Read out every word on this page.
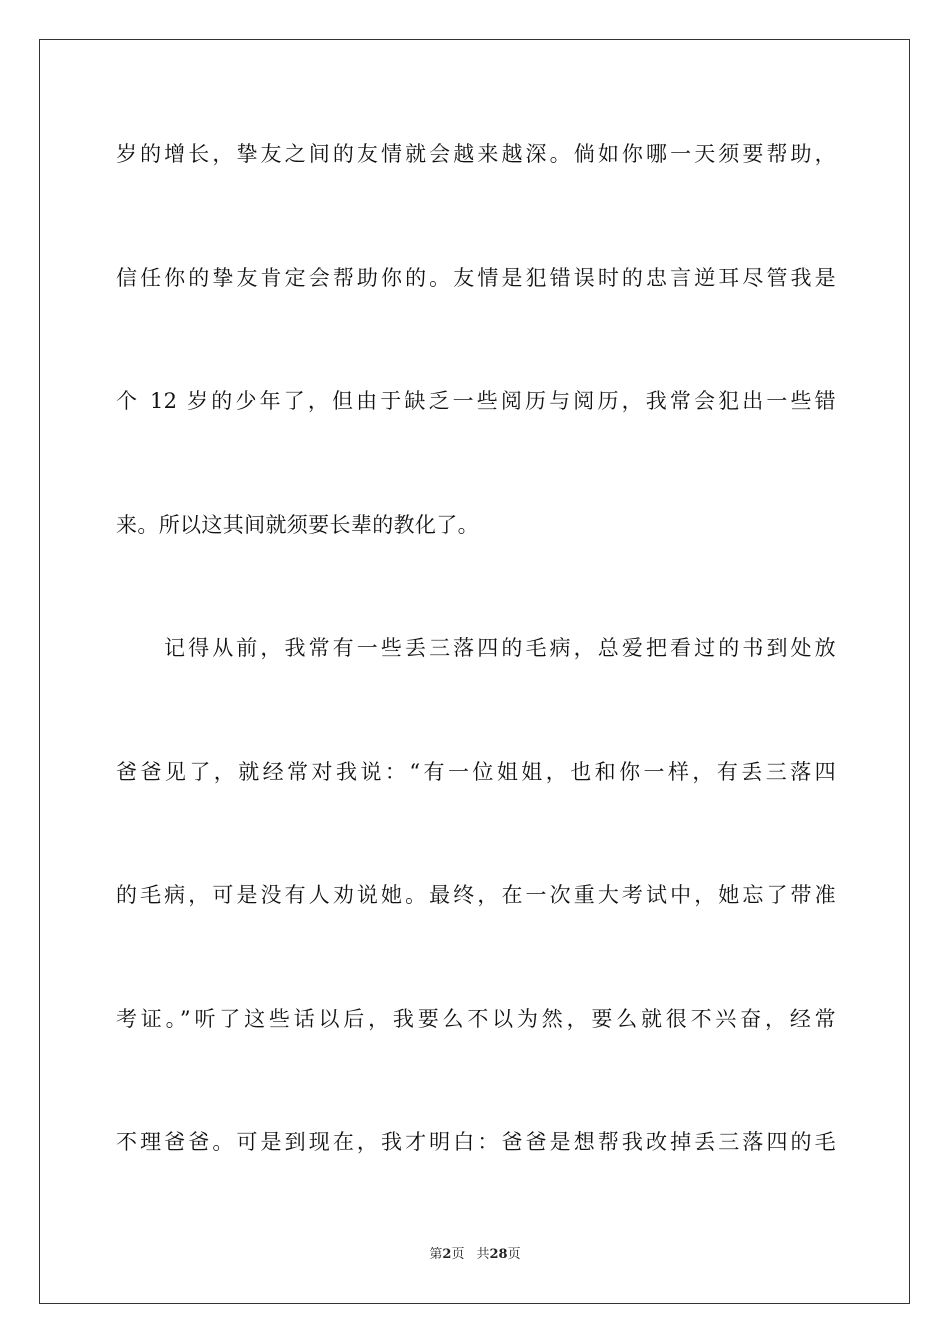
岁的增长，挚友之间的友情就会越来越深。倘如你哪一天须要帮助，
信任你的挚友肯定会帮助你的。友情是犯错误时的忠言逆耳尽管我是
个 12 岁的少年了，但由于缺乏一些阅历与阅历，我常会犯出一些错
来。所以这其间就须要长辈的教化了。
记得从前，我常有一些丢三落四的毛病，总爱把看过的书到处放
爸爸见了，就经常对我说：“有一位姐姐，也和你一样，有丢三落四
的毛病，可是没有人劝说她。最终，在一次重大考试中，她忘了带准
考证。”听了这些话以后，我要么不以为然，要么就很不兴奋，经常
不理爸爸。可是到现在，我才明白：爸爸是想帮我改掉丢三落四的毛
第2页 共28页
